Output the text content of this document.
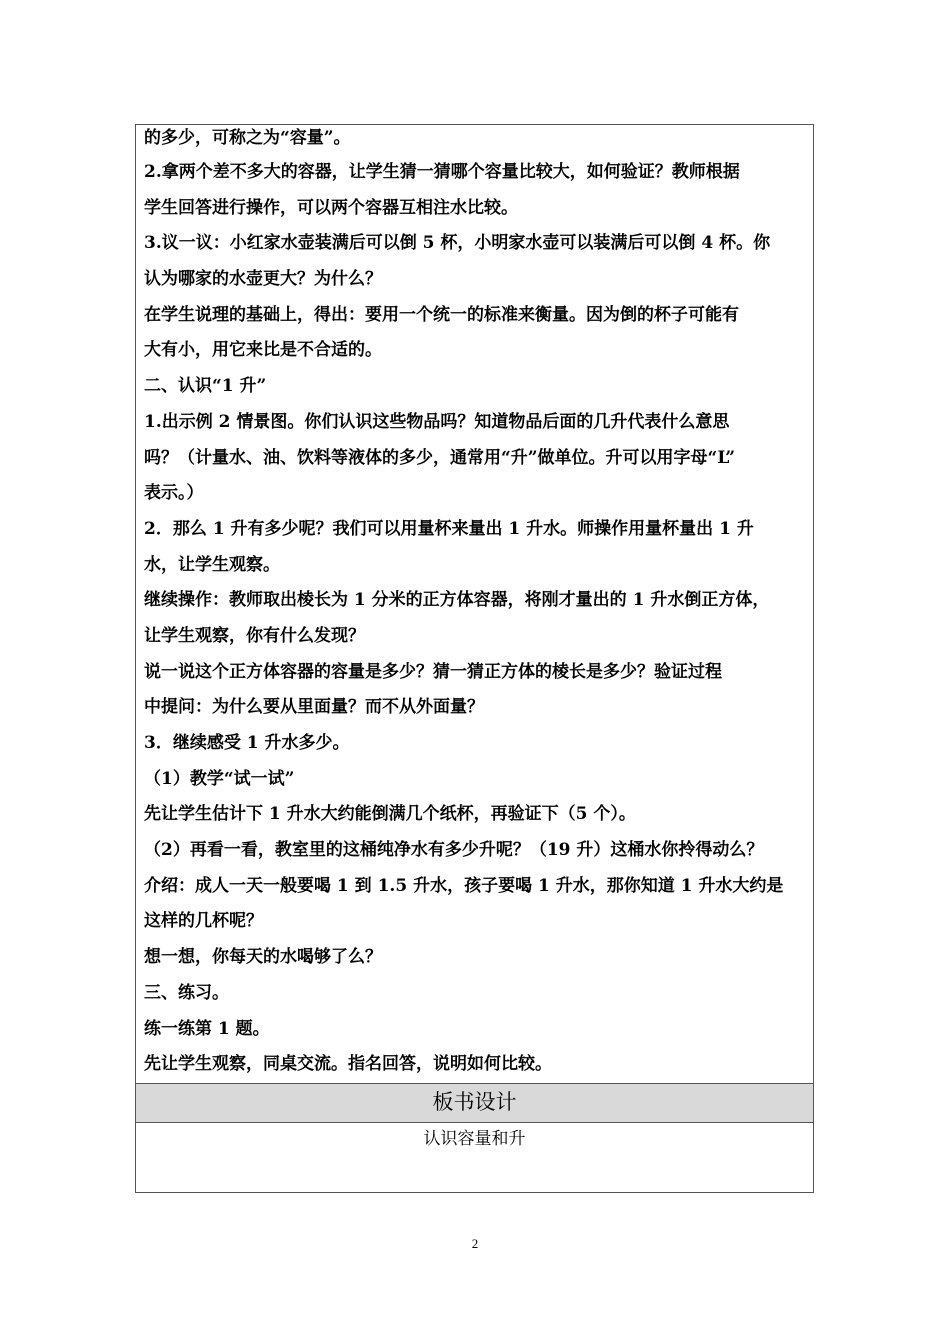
的多少，可称之为“容量”。
2.拿两个差不多大的容器，让学生猜一猜哪个容量比较大，如何验证？教师根据
学生回答进行操作，可以两个容器互相注水比较。
3.议一议：小红家水壶装满后可以倒 5 杯，小明家水壶可以装满后可以倒 4 杯。你
认为哪家的水壶更大？为什么？
在学生说理的基础上，得出：要用一个统一的标准来衡量。因为倒的杯子可能有
大有小，用它来比是不合适的。
二、认识“1 升”
1.出示例 2 情景图。你们认识这些物品吗？知道物品后面的几升代表什么意思
吗？（计量水、油、饮料等液体的多少，通常用“升”做单位。升可以用字母“L”
表示。）
2．那么 1 升有多少呢？我们可以用量杯来量出 1 升水。师操作用量杯量出 1 升
水，让学生观察。
继续操作：教师取出棱长为 1 分米的正方体容器，将刚才量出的 1 升水倒正方体，
让学生观察，你有什么发现？
说一说这个正方体容器的容量是多少？猜一猜正方体的棱长是多少？验证过程
中提问：为什么要从里面量？而不从外面量？
3．继续感受 1 升水多少。
（1）教学“试一试”
先让学生估计下 1 升水大约能倒满几个纸杯，再验证下（5 个）。
（2）再看一看，教室里的这桶纯净水有多少升呢？（19 升）这桶水你拎得动么？
介绍：成人一天一般要喝 1 到 1.5 升水，孩子要喝 1 升水，那你知道 1 升水大约是
这样的几杯呢？
想一想，你每天的水喝够了么？
三、练习。
练一练第 1 题。
先让学生观察，同桌交流。指名回答，说明如何比较。
板书设计
认识容量和升
2
